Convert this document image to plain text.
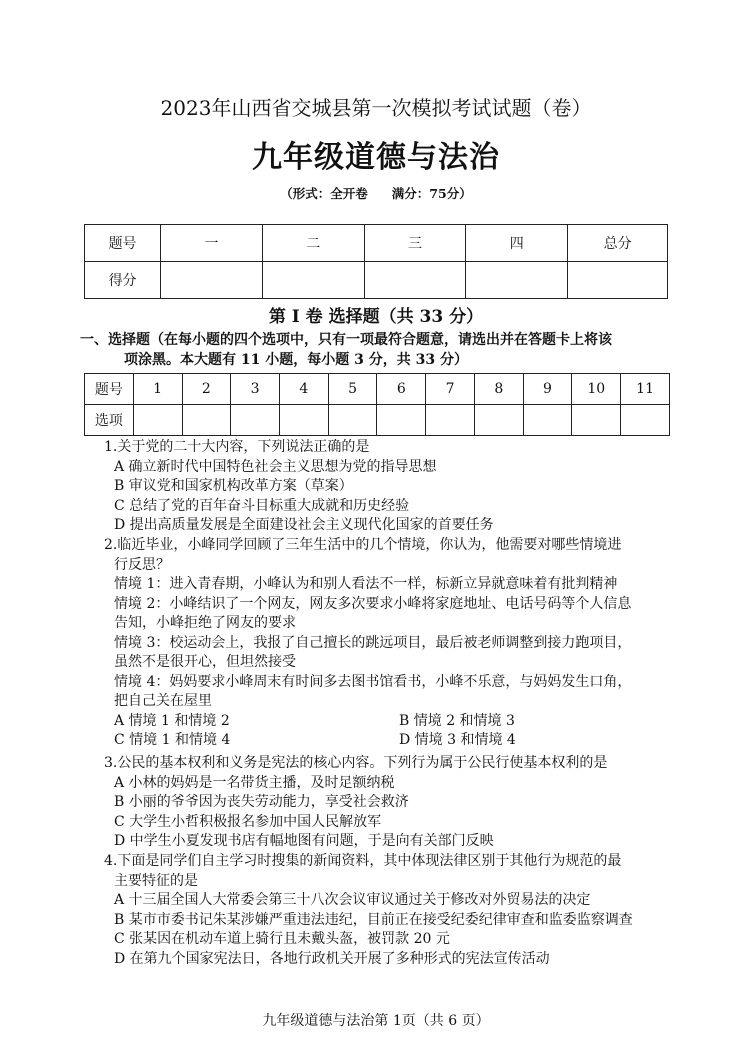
2023年山西省交城县第一次模拟考试试题（卷）
九年级道德与法治
（形式：全开卷 满分：75分）
题号	一	二	三	四	总分
得分					
第 I 卷 选择题（共 33 分）
一、选择题（在每小题的四个选项中，只有一项最符合题意，请选出并在答题卡上将该
项涂黑。本大题有 11 小题，每小题 3 分，共 33 分）
题号	1	2	3	4	5	6	7	8	9	10	11
选项											
1.关于党的二十大内容，下列说法正确的是
A 确立新时代中国特色社会主义思想为党的指导思想
B 审议党和国家机构改革方案（草案）
C 总结了党的百年奋斗目标重大成就和历史经验
D 提出高质量发展是全面建设社会主义现代化国家的首要任务
2.临近毕业，小峰同学回顾了三年生活中的几个情境，你认为，他需要对哪些情境进
行反思？
情境 1：进入青春期，小峰认为和别人看法不一样，标新立异就意味着有批判精神
情境 2：小峰结识了一个网友，网友多次要求小峰将家庭地址、电话号码等个人信息
告知，小峰拒绝了网友的要求
情境 3：校运动会上，我报了自己擅长的跳远项目，最后被老师调整到接力跑项目，
虽然不是很开心，但坦然接受
情境 4：妈妈要求小峰周末有时间多去图书馆看书，小峰不乐意，与妈妈发生口角，
把自己关在屋里
A 情境 1 和情境 2	B 情境 2 和情境 3
C 情境 1 和情境 4	D 情境 3 和情境 4
3.公民的基本权利和义务是宪法的核心内容。下列行为属于公民行使基本权利的是
A 小林的妈妈是一名带货主播，及时足额纳税
B 小丽的爷爷因为丧失劳动能力，享受社会救济
C 大学生小哲积极报名参加中国人民解放军
D 中学生小夏发现书店有幅地图有问题，于是向有关部门反映
4.下面是同学们自主学习时搜集的新闻资料，其中体现法律区别于其他行为规范的最
主要特征的是
A 十三届全国人大常委会第三十八次会议审议通过关于修改对外贸易法的决定
B 某市市委书记朱某涉嫌严重违法违纪，目前正在接受纪委纪律审查和监委监察调查
C 张某因在机动车道上骑行且未戴头盔，被罚款 20 元
D 在第九个国家宪法日，各地行政机关开展了多种形式的宪法宣传活动
九年级道德与法治第 1页（共 6 页）
